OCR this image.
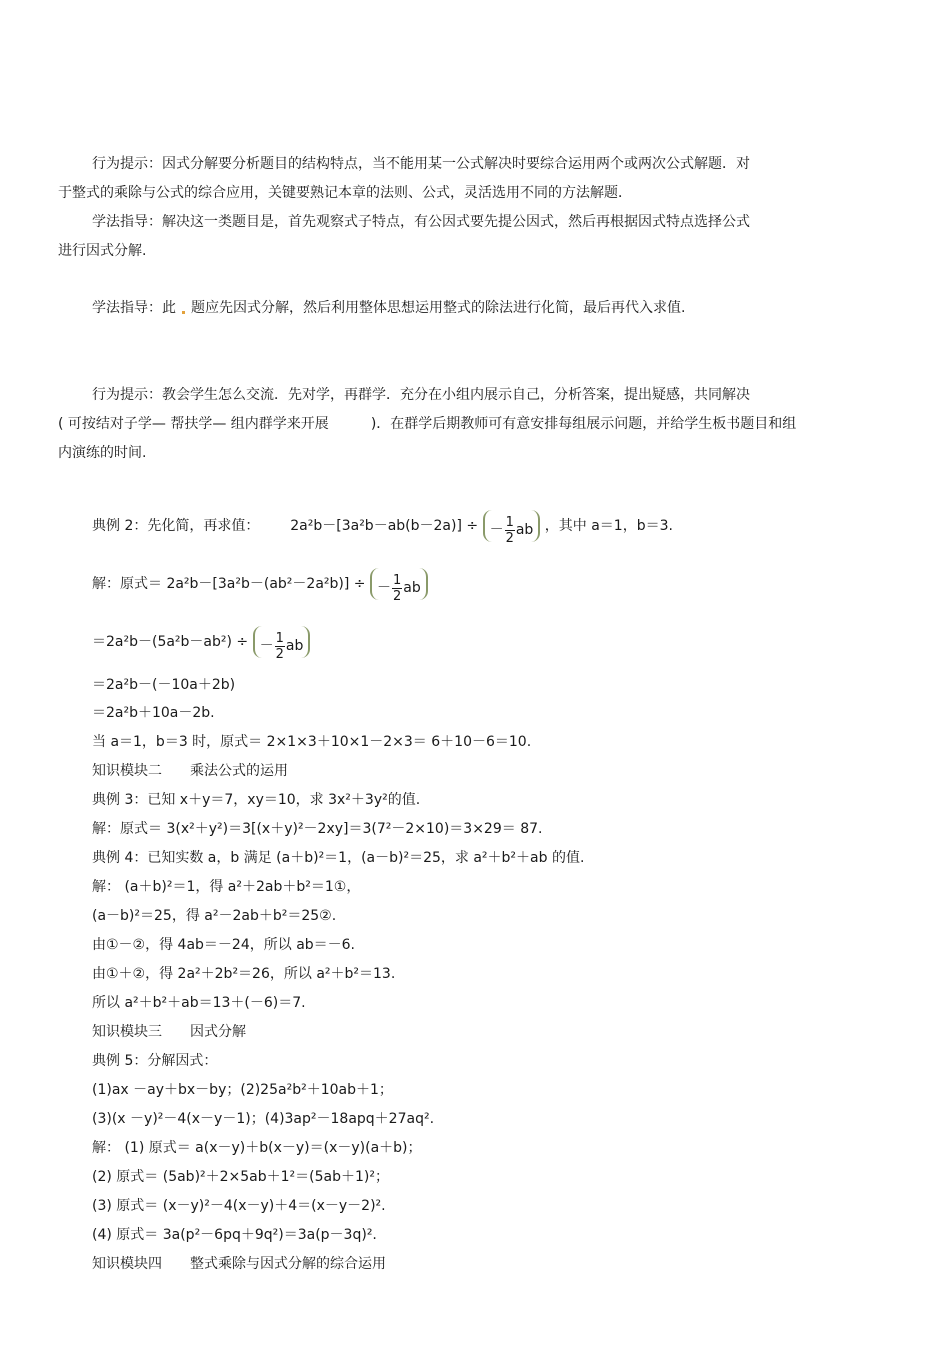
行为提示：因式分解要分析题目的结构特点，当不能用某一公式解决时要综合运用两个或两次公式解题．对
于整式的乘除与公式的综合应用，关键要熟记本章的法则、公式，灵活选用不同的方法解题．
学法指导：解决这一类题目是，首先观察式子特点，有公因式要先提公因式，然后再根据因式特点选择公式
进行因式分解.
学法指导：此 题应先因式分解，然后利用整体思想运用整式的除法进行化简，最后再代入求值.
行为提示：教会学生怎么交流．先对学，再群学．充分在小组内展示自己，分析答案，提出疑感，共同解决
( 可按结对子学— 帮扶学— 组内群学来开展	)．在群学后期教师可有意安排每组展示问题，并给学生板书题目和组
内演练的时间.
典例 2：先化简，再求值： 2a²b－[3a²b－ab(b－2a)] ÷ － $\frac{1}{2}$ ab ，其中 a＝1，b＝3.
解：原式＝ 2a²b－[3a²b－(ab²－2a²b)] ÷ － $\frac{1}{2}$ ab
＝2a²b－(5a²b－ab²) ÷ － $\frac{1}{2}$ ab
＝2a²b－(－10a＋2b)
＝2a²b＋10a－2b.
当 a＝1，b＝3 时，原式＝ 2×1×3＋10×1－2×3＝ 6＋10－6＝10.
知识模块二　　乘法公式的运用
典例 3：已知 x＋y＝7，xy＝10，求 3x²＋3y²的值.
解：原式＝ 3(x²＋y²)＝3[(x＋y)²－2xy]＝3(7²－2×10)＝3×29＝ 87.
典例 4：已知实数 a，b 满足 (a＋b)²＝1，(a－b)²＝25，求 a²＋b²＋ab 的值.
解： (a＋b)²＝1，得 a²＋2ab＋b²＝1①，
(a－b)²＝25，得 a²－2ab＋b²＝25②.
由①－②，得 4ab＝－24，所以 ab＝－6.
由①＋②，得 2a²＋2b²＝26，所以 a²＋b²＝13.
所以 a²＋b²＋ab＝13＋(－6)＝7.
知识模块三　　因式分解
典例 5：分解因式：
(1)ax －ay＋bx－by；(2)25a²b²＋10ab＋1；
(3)(x －y)²－4(x－y－1)；(4)3ap²－18apq＋27aq².
解： (1) 原式＝ a(x－y)＋b(x－y)＝(x－y)(a＋b)；
(2) 原式＝ (5ab)²＋2×5ab＋1²＝(5ab＋1)²；
(3) 原式＝ (x－y)²－4(x－y)＋4＝(x－y－2)².
(4) 原式＝ 3a(p²－6pq＋9q²)＝3a(p－3q)².
知识模块四　　整式乘除与因式分解的综合运用
